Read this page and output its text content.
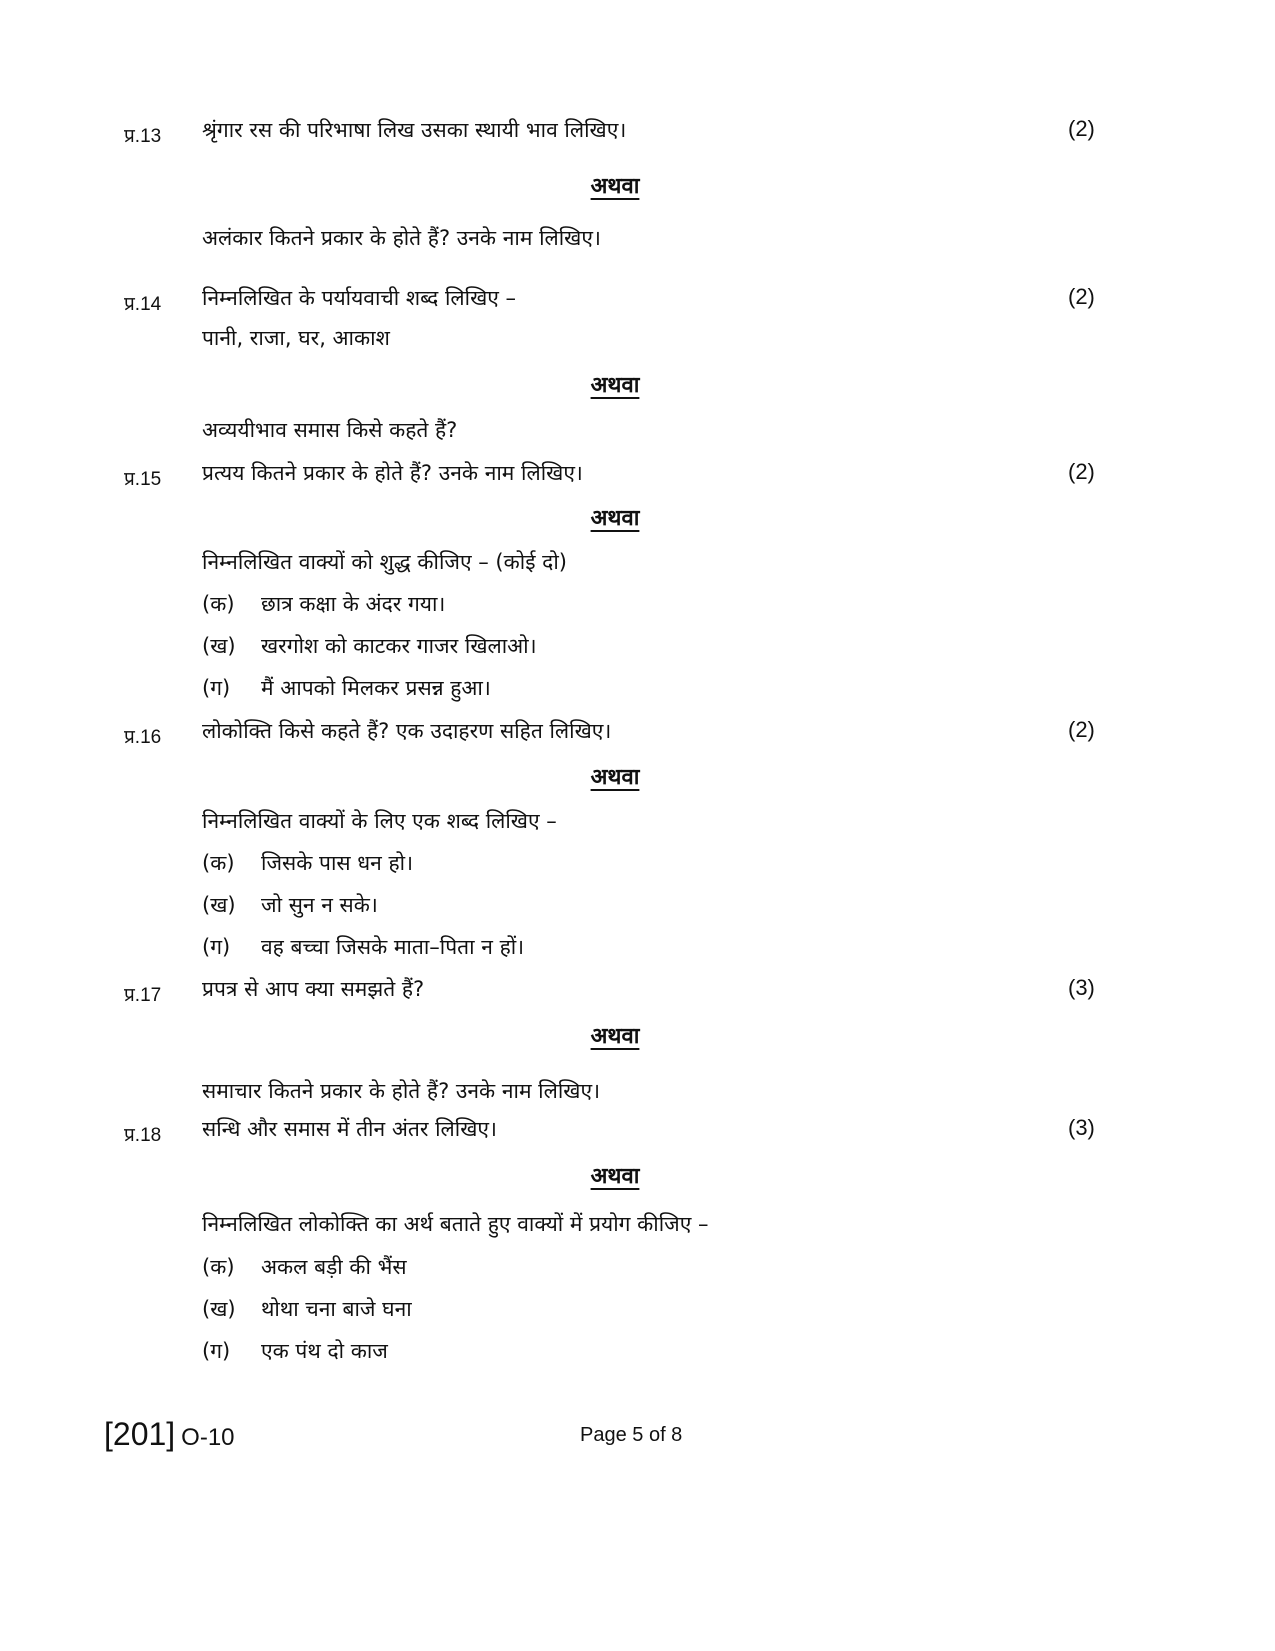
प्र.13 श्रृंगार रस की परिभाषा लिख उसका स्थायी भाव लिखिए।	(2)
अथवा
अलंकार कितने प्रकार के होते हैं? उनके नाम लिखिए।
प्र.14 निम्नलिखित के पर्यायवाची शब्द लिखिए –	(2)
पानी, राजा, घर, आकाश
अथवा
अव्ययीभाव समास किसे कहते हैं?
प्र.15 प्रत्यय कितने प्रकार के होते हैं? उनके नाम लिखिए।	(2)
अथवा
निम्नलिखित वाक्यों को शुद्ध कीजिए – (कोई दो)
(क) छात्र कक्षा के अंदर गया।
(ख) खरगोश को काटकर गाजर खिलाओ।
(ग) मैं आपको मिलकर प्रसन्न हुआ।
प्र.16 लोकोक्ति किसे कहते हैं? एक उदाहरण सहित लिखिए।	(2)
अथवा
निम्नलिखित वाक्यों के लिए एक शब्द लिखिए –
(क) जिसके पास धन हो।
(ख) जो सुन न सके।
(ग) वह बच्चा जिसके माता–पिता न हों।
प्र.17 प्रपत्र से आप क्या समझते हैं?	(3)
अथवा
समाचार कितने प्रकार के होते हैं? उनके नाम लिखिए।
प्र.18 सन्धि और समास में तीन अंतर लिखिए।	(3)
अथवा
निम्नलिखित लोकोक्ति का अर्थ बताते हुए वाक्यों में प्रयोग कीजिए –
(क) अकल बड़ी की भैंस
(ख) थोथा चना बाजे घना
(ग) एक पंथ दो काज
[201] O-10	Page 5 of 8
